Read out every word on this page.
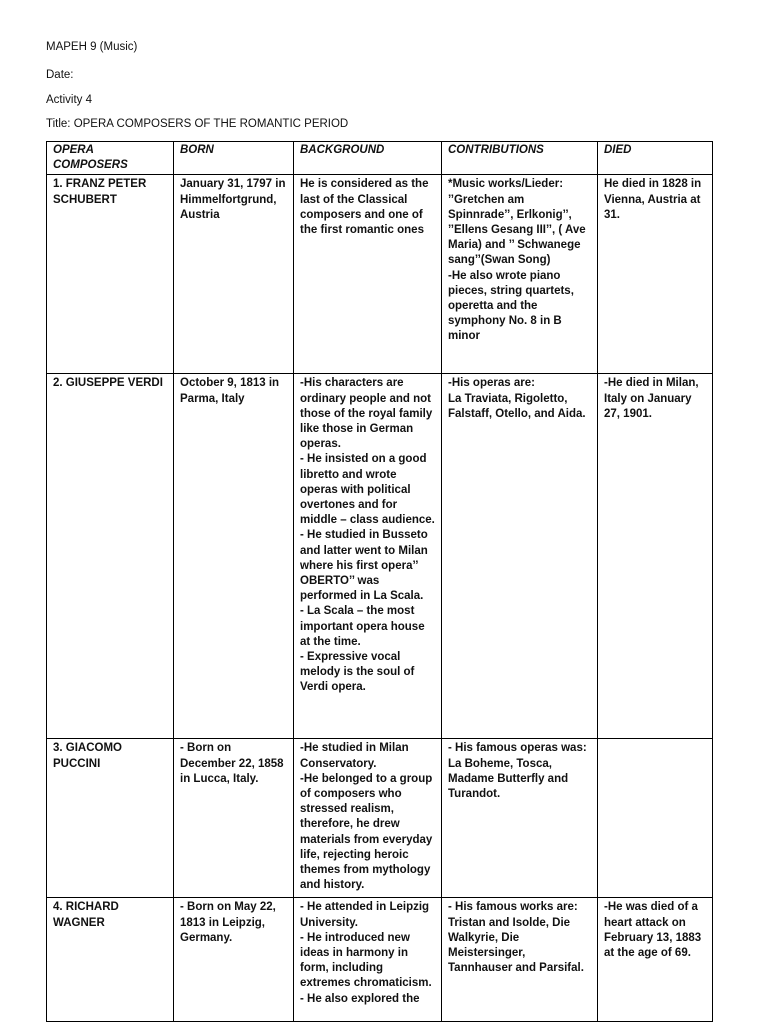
MAPEH 9 (Music)
Date:
Activity 4
Title: OPERA COMPOSERS OF THE ROMANTIC PERIOD
OPERA COMPOSERS	BORN	BACKGROUND	CONTRIBUTIONS	DIED
1. FRANZ PETER SCHUBERT	January 31, 1797 in Himmelfortgrund, Austria	He is considered as the last of the Classical composers and one of the first romantic ones	*Music works/Lieder: ’’Gretchen am Spinnrade’’, Erlkonig’’, ’’Ellens Gesang III’’, ( Ave Maria) and ’’ Schwanege sang’’(Swan Song)
-He also wrote piano pieces, string quartets, operetta and the symphony No. 8 in B minor	He died in 1828 in Vienna, Austria at 31.
2. GIUSEPPE VERDI	October 9, 1813 in Parma, Italy	-His characters are ordinary people and not those of the royal family like those in German operas.
- He insisted on a good libretto and wrote operas with political overtones and for middle – class audience.
- He studied in Busseto and latter went to Milan where his first opera’’ OBERTO’’ was performed in La Scala.
- La Scala – the most important opera house at the time.
- Expressive vocal melody is the soul of Verdi opera.	-His operas are:
La Traviata, Rigoletto, Falstaff, Otello, and Aida.	-He died in Milan, Italy on January 27, 1901.
3. GIACOMO PUCCINI	- Born on December 22, 1858 in Lucca, Italy.	-He studied in Milan Conservatory.
-He belonged to a group of composers who stressed realism, therefore, he drew materials from everyday life, rejecting heroic themes from mythology and history.	- His famous operas was:
La Boheme, Tosca, Madame Butterfly and Turandot.	
4. RICHARD WAGNER	- Born on May 22, 1813 in Leipzig, Germany.	- He attended in Leipzig University.
- He introduced new ideas in harmony in form, including extremes chromaticism.
- He also explored the	- His famous works are: Tristan and Isolde, Die Walkyrie, Die Meistersinger, Tannhauser and Parsifal.	-He was died of a heart attack on February 13, 1883 at the age of 69.
